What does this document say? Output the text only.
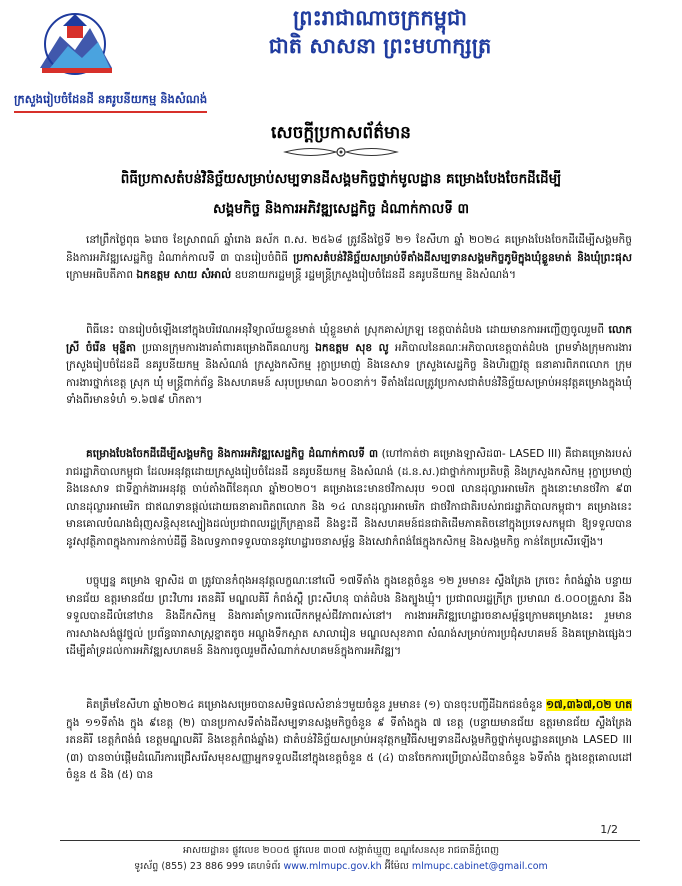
ព្រះរាជាណាចក្រកម្ពុជា
ជាតិ សាសនា ព្រះមហាក្សត្រ
ក្រសួងរៀបចំដែនដី នគរូបនីយកម្ម និងសំណង់
សេចក្តីប្រកាសព័ត៌មាន
ពិធីប្រកាសតំបន់វិនិច្ឆ័យសម្រាប់សម្បទានដីសង្គមកិច្ចថ្នាក់មូលដ្ឋាន គម្រោងបែងចែកដីដើម្បី
សង្គមកិច្ច និងការអភិវឌ្ឍសេដ្ឋកិច្ច ដំណាក់កាលទី ៣
នៅព្រឹកថ្ងៃពុធ ៦រោច ខែស្រាពណ៍ ឆ្នាំរោង ឆស័ក ព.ស. ២៥៦៨ ត្រូវនឹងថ្ងៃទី ២១ ខែសីហា ឆ្នាំ ២០២៤ គម្រោងបែងចែកដីដើម្បីសង្គមកិច្ច និងការអភិវឌ្ឍសេដ្ឋកិច្ច ដំណាក់កាលទី ៣ បានរៀបចំពិធី ប្រកាសតំបន់វិនិច្ឆ័យសម្រាប់ទីតាំងដីសម្បទានសង្គមកិច្ចភូមិក្នុងឃុំខ្លួនមាត់ និងឃុំព្រះផុស ក្រោមអធិបតីភាព ឯកឧត្តម សាយ សំអាល់ ឧបនាយករដ្ឋមន្ត្រី រដ្ឋមន្ត្រីក្រសួងរៀបចំដែនដី នគរូបនីយកម្ម និងសំណង់។
ពិធីនេះ បានរៀបចំឡើងនៅក្នុងបរិវេណអនុវិទ្យាល័យខ្លួនមាត់ ឃុំខ្លួនមាត់ ស្រុកគាស់ក្រឡ ខេត្តបាត់ដំបង ដោយមានការអញ្ជើញចូលរួមពី លោកស្រី ចំរើន មុន្នីតា ប្រធានក្រុមការងារគាំពារគម្រោងពីគណបក្ស ឯកឧត្តម សុខ លូ អភិបាលនៃគណៈអភិបាលខេត្តបាត់ដំបង ព្រមទាំងក្រុមការងារក្រសួងរៀបចំដែនដី នគរូបនីយកម្ម និងសំណង់ ក្រសួងកសិកម្ម រុក្ខាប្រមាញ់ និងនេសាទ ក្រសួងសេដ្ឋកិច្ច និងហិរញ្ញវត្ថុ ធនាគារពិភពលោក ក្រុមការងារថ្នាក់ខេត្ត ស្រុក ឃុំ មន្ត្រីពាក់ព័ន្ធ និងសហគមន៍ សរុបប្រមាណ ៦០០នាក់។ ទីតាំងដែលត្រូវប្រកាសជាតំបន់វិនិច្ឆ័យសម្រាប់អនុវត្តគម្រោងក្នុងឃុំទាំងពីរមានទំហំ ១.៦៧៩ ហិកតា។
គម្រោងបែងចែកដីដើម្បីសង្គមកិច្ច និងការអភិវឌ្ឍសេដ្ឋកិច្ច ដំណាក់កាលទី ៣ (ហៅកាត់ថា គម្រោងឡាសិដ៣- LASED III) គឺជាគម្រោងរបស់រាជរដ្ឋាភិបាលកម្ពុជា ដែលអនុវត្តដោយក្រសួងរៀបចំដែនដី នគរូបនីយកម្ម និងសំណង់ (ដ.ន.ស.)ជាថ្នាក់ការប្រតិបត្តិ និងក្រសួងកសិកម្ម រុក្ខាប្រមាញ់ និងនេសាទ ជាទីភ្នាក់ងារអនុវត្ត ចាប់តាំងពីខែតុលា ឆ្នាំ២០២០។ គម្រោងនេះមានថវិកាសរុប ១០៧ លានដុល្លារអាមេរិក ក្នុងនោះមានថវិកា ៩៣ លានដុល្លារអាមេរិក ជាឥណទានផ្តល់ដោយធនាគារពិភពលោក និង ១៤ លានដុល្លារអាមេរិក ជាថវិកាជាតិរបស់រាជរដ្ឋាភិបាលកម្ពុជា។ គម្រោងនេះ មានគោលបំណងជំរុញសន្តិសុខស្បៀងដល់ប្រជាពលរដ្ឋក្រីក្រគ្មានដី និងខ្វះដី និងសហគមន៍ជនជាតិដើមភាគតិចនៅក្នុងប្រទេសកម្ពុជា ឱ្យទទួលបាននូវសុវត្ថិភាពក្នុងការកាន់កាប់ដីធ្លី និងលទ្ធភាពទទួលបាននូវហេដ្ឋារចនាសម្ព័ន្ធ និងសេវាកំពង់ផែក្នុងកសិកម្ម និងសង្គមកិច្ច កាន់តែប្រសើរឡើង។
បច្ចុប្បន្ន គម្រោង ឡាសិដ ៣ ត្រូវបានកំពុងអនុវត្តលក្ខណៈនៅលើ ១៧ទីតាំង ក្នុងខេត្តចំនួន ១២ រួមមាន៖ ស្ទឹងត្រែង ក្រចេះ កំពង់ឆ្នាំង បន្ទាយមានជ័យ ឧត្តរមានជ័យ ព្រះវិហារ រតនគិរី មណ្ឌលគិរី កំពង់ស្ពឺ ព្រះសីហនុ បាត់ដំបង និងត្បូងឃ្មុំ។ ប្រជាពលរដ្ឋក្រីក្រ ប្រមាណ ៥.០០០គ្រួសារ នឹងទទួលបានដីលំនៅឋាន និងដីកសិកម្ម និងការគាំទ្រការលើកកម្ពស់ជីវភាពរស់នៅ។ ការងារអភិវឌ្ឍហេដ្ឋារចនាសម្ព័ន្ធក្រោមគម្រោងនេះ រួមមាន ការសាងសង់ផ្លូវថ្នល់ ប្រព័ន្ធធារាសាស្ត្រខ្នាតតូច អណ្តូងទឹកស្អាត សាលារៀន មណ្ឌលសុខភាព សំណង់សម្រាប់ការប្រជុំសហគមន៍ និងគម្រោងផ្សេងៗ ដើម្បីគាំទ្រដល់ការអភិវឌ្ឍសហគមន៍ និងការចូលរួមពីសំណាក់សហគមន៍ក្នុងការអភិវឌ្ឍ។
គិតត្រឹមខែសីហា ឆ្នាំ២០២៤ គម្រោងសម្រេចបានសមិទ្ធផលសំខាន់ៗមួយចំនួន រួមមាន៖ (១) បានចុះបញ្ជីដីឯកជនចំនួន ១៧,៣៦៧,០២ ហត ក្នុង ១១ទីតាំង ក្នុង ៩ខេត្ត (២) បានប្រកាសទីតាំងដីសម្បទានសង្គមកិច្ចចំនួន ៩ ទីតាំងក្នុង ៧ ខេត្ត (បន្ទាយមានជ័យ ឧត្តរមានជ័យ ស្ទឹងត្រែង រតនគិរី ខេត្តកំពង់ធំ ខេត្តមណ្ឌលគិរី និងខេត្តកំពង់ឆ្នាំង) ជាតំបន់វិនិច្ឆ័យសម្រាប់អនុវត្តកម្មវិធីសម្បទានដីសង្គមកិច្ចថ្នាក់មូលដ្ឋានគម្រោង LASED III (៣) បានចាប់ផ្តើមដំណើរការជ្រើសរើសមុខសញ្ញាអ្នកទទួលដីនៅក្នុងខេត្តចំនួន ៥ (៤) បានចែកការប្រើប្រាស់ដីបានចំនួន ៦ទីតាំង ក្នុងខេត្តគោលដៅចំនួន ៥ និង (៥) បាន
1/2
អាសយដ្ឋាន៖ ផ្លូវលេខ ២០០៥ ផ្លូវលេខ ៣០៧ សង្កាត់ឃ្មួញ ខណ្ឌសែនសុខ រាជធានីភ្នំពេញ
ទូរស័ព្ទ (855) 23 886 999 គេហទំព័រ www.mlmupc.gov.kh អ៊ីម៉ែល mlmupc.cabinet@gmail.com
